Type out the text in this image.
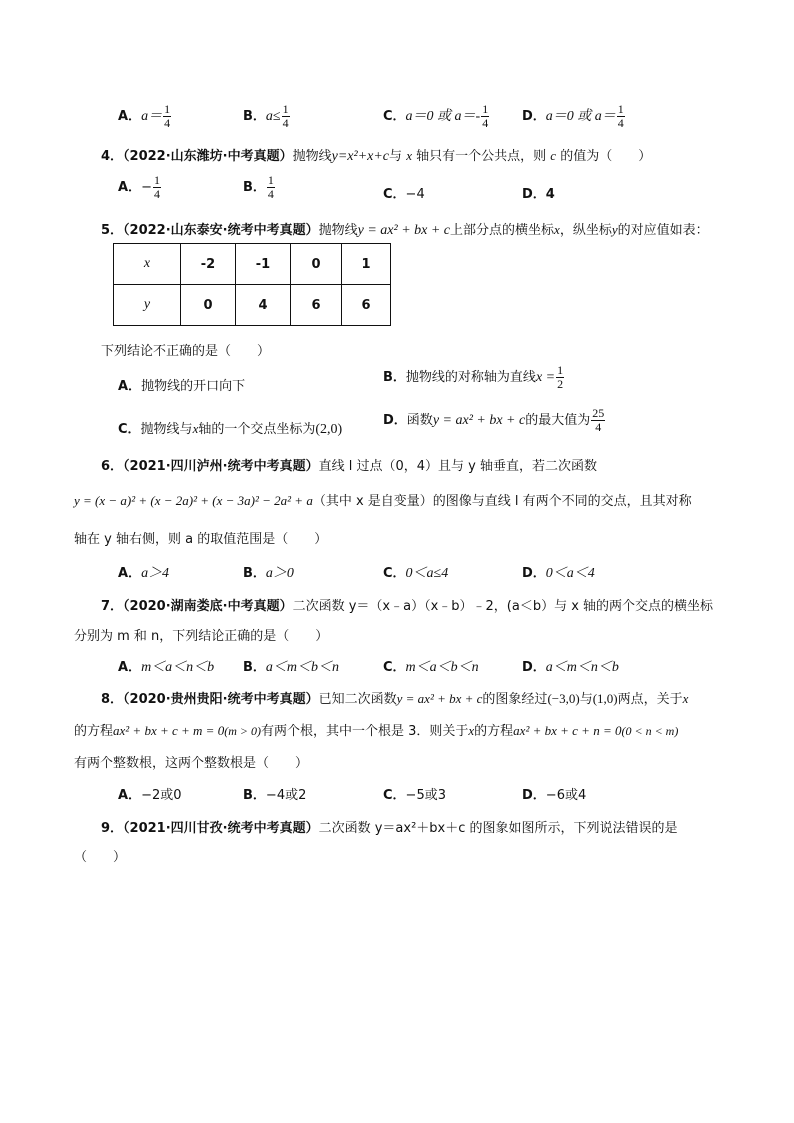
A．$a= \frac{1}{4}$	B．$a\le \frac{1}{4}$	C．a＝0 或 $a=- \frac{1}{4}$	D．a＝0 或 $a= \frac{1}{4}$
4．（2022·山东潍坊·中考真题）抛物线y=x²+x+c与 x 轴只有一个公共点，则 c 的值为（　　）
A．− $\frac{1}{4}$	B． $\frac{1}{4}$	C．−4	D．4
5．（2022·山东泰安·统考中考真题）抛物线y = ax² + bx + c上部分点的横坐标x，纵坐标y的对应值如表：
x	-2	-1	0	1
y	0	4	6	6
下列结论不正确的是（　　）
A．抛物线的开口向下
B．抛物线的对称轴为直线$x = \frac{1}{2}$
C．抛物线与x轴的一个交点坐标为(2,0)
D．函数y = ax² + bx + c的最大值为 $\frac{25}{4}$
6．（2021·四川泸州·统考中考真题）直线 l 过点（0，4）且与 y 轴垂直，若二次函数
y = (x − a)² + (x − 2a)² + (x − 3a)² − 2a² + a（其中 x 是自变量）的图像与直线 l 有两个不同的交点，且其对称
轴在 y 轴右侧，则 a 的取值范围是（　　）
A．a＞4	B．a＞0	C．0＜a≤4	D．0＜a＜4
7．（2020·湖南娄底·中考真题）二次函数 y＝（x﹣a）（x﹣b）﹣2，(a＜b）与 x 轴的两个交点的横坐标
分别为 m 和 n，下列结论正确的是（　　）
A．m＜a＜n＜b B．a＜m＜b＜n	C．m＜a＜b＜n	D．a＜m＜n＜b
8．（2020·贵州贵阳·统考中考真题）已知二次函数y = ax² + bx + c的图象经过(−3,0)与(1,0)两点，关于x
的方程ax² + bx + c + m = 0(m > 0)有两个根，其中一个根是 3．则关于x的方程ax² + bx + c + n = 0(0 < n < m)
有两个整数根，这两个整数根是（　　）
A．−2或0	B．−4或2	C．−5或3	D．−6或4
9．（2021·四川甘孜·统考中考真题）二次函数 y＝ax²＋bx＋c 的图象如图所示，下列说法错误的是
（　　）
